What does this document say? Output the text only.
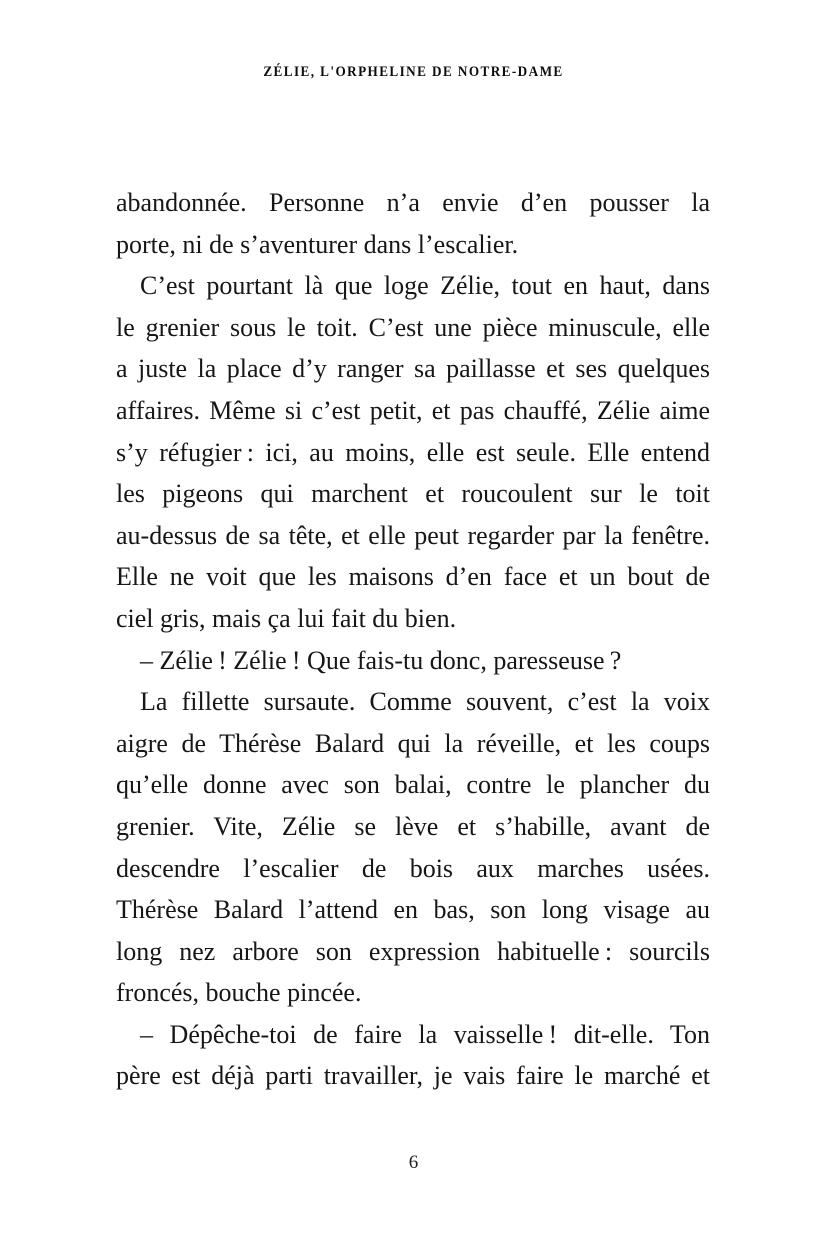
ZÉLIE, L'ORPHELINE DE NOTRE-DAME
abandonnée. Personne n’a envie d’en pousser la
porte, ni de s’aventurer dans l’escalier.
C’est pourtant là que loge Zélie, tout en haut, dans
le grenier sous le toit. C’est une pièce minuscule, elle
a juste la place d’y ranger sa paillasse et ses quelques
affaires. Même si c’est petit, et pas chauffé, Zélie aime
s’y réfugier : ici, au moins, elle est seule. Elle entend
les pigeons qui marchent et roucoulent sur le toit
au-dessus de sa tête, et elle peut regarder par la fenêtre.
Elle ne voit que les maisons d’en face et un bout de
ciel gris, mais ça lui fait du bien.
– Zélie ! Zélie ! Que fais-tu donc, paresseuse ?
La fillette sursaute. Comme souvent, c’est la voix
aigre de Thérèse Balard qui la réveille, et les coups
qu’elle donne avec son balai, contre le plancher du
grenier. Vite, Zélie se lève et s’habille, avant de
descendre l’escalier de bois aux marches usées.
Thérèse Balard l’attend en bas, son long visage au
long nez arbore son expression habituelle : sourcils
froncés, bouche pincée.
– Dépêche-toi de faire la vaisselle ! dit-elle. Ton
père est déjà parti travailler, je vais faire le marché et
6
